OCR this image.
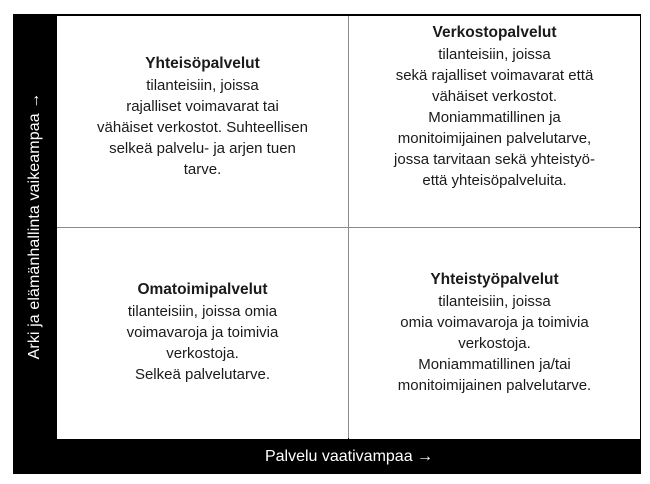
Arki ja elämänhallinta vaikeampaa →
Yhteisöpalvelut
tilanteisiin, joissa
rajalliset voimavarat tai
vähäiset verkostot. Suhteellisen
selkeä palvelu- ja arjen tuen
tarve.
Verkostopalvelut
tilanteisiin, joissa
sekä rajalliset voimavarat että
vähäiset verkostot.
Moniammatillinen ja
monitoimijainen palvelutarve,
jossa tarvitaan sekä yhteistyö-
että yhteisöpalveluita.
Omatoimipalvelut
tilanteisiin, joissa omia
voimavaroja ja toimivia
verkostoja.
Selkeä palvelutarve.
Yhteistyöpalvelut
tilanteisiin, joissa
omia voimavaroja ja toimivia
verkostoja.
Moniammatillinen ja/tai
monitoimijainen palvelutarve.
Palvelu vaativampaa →
